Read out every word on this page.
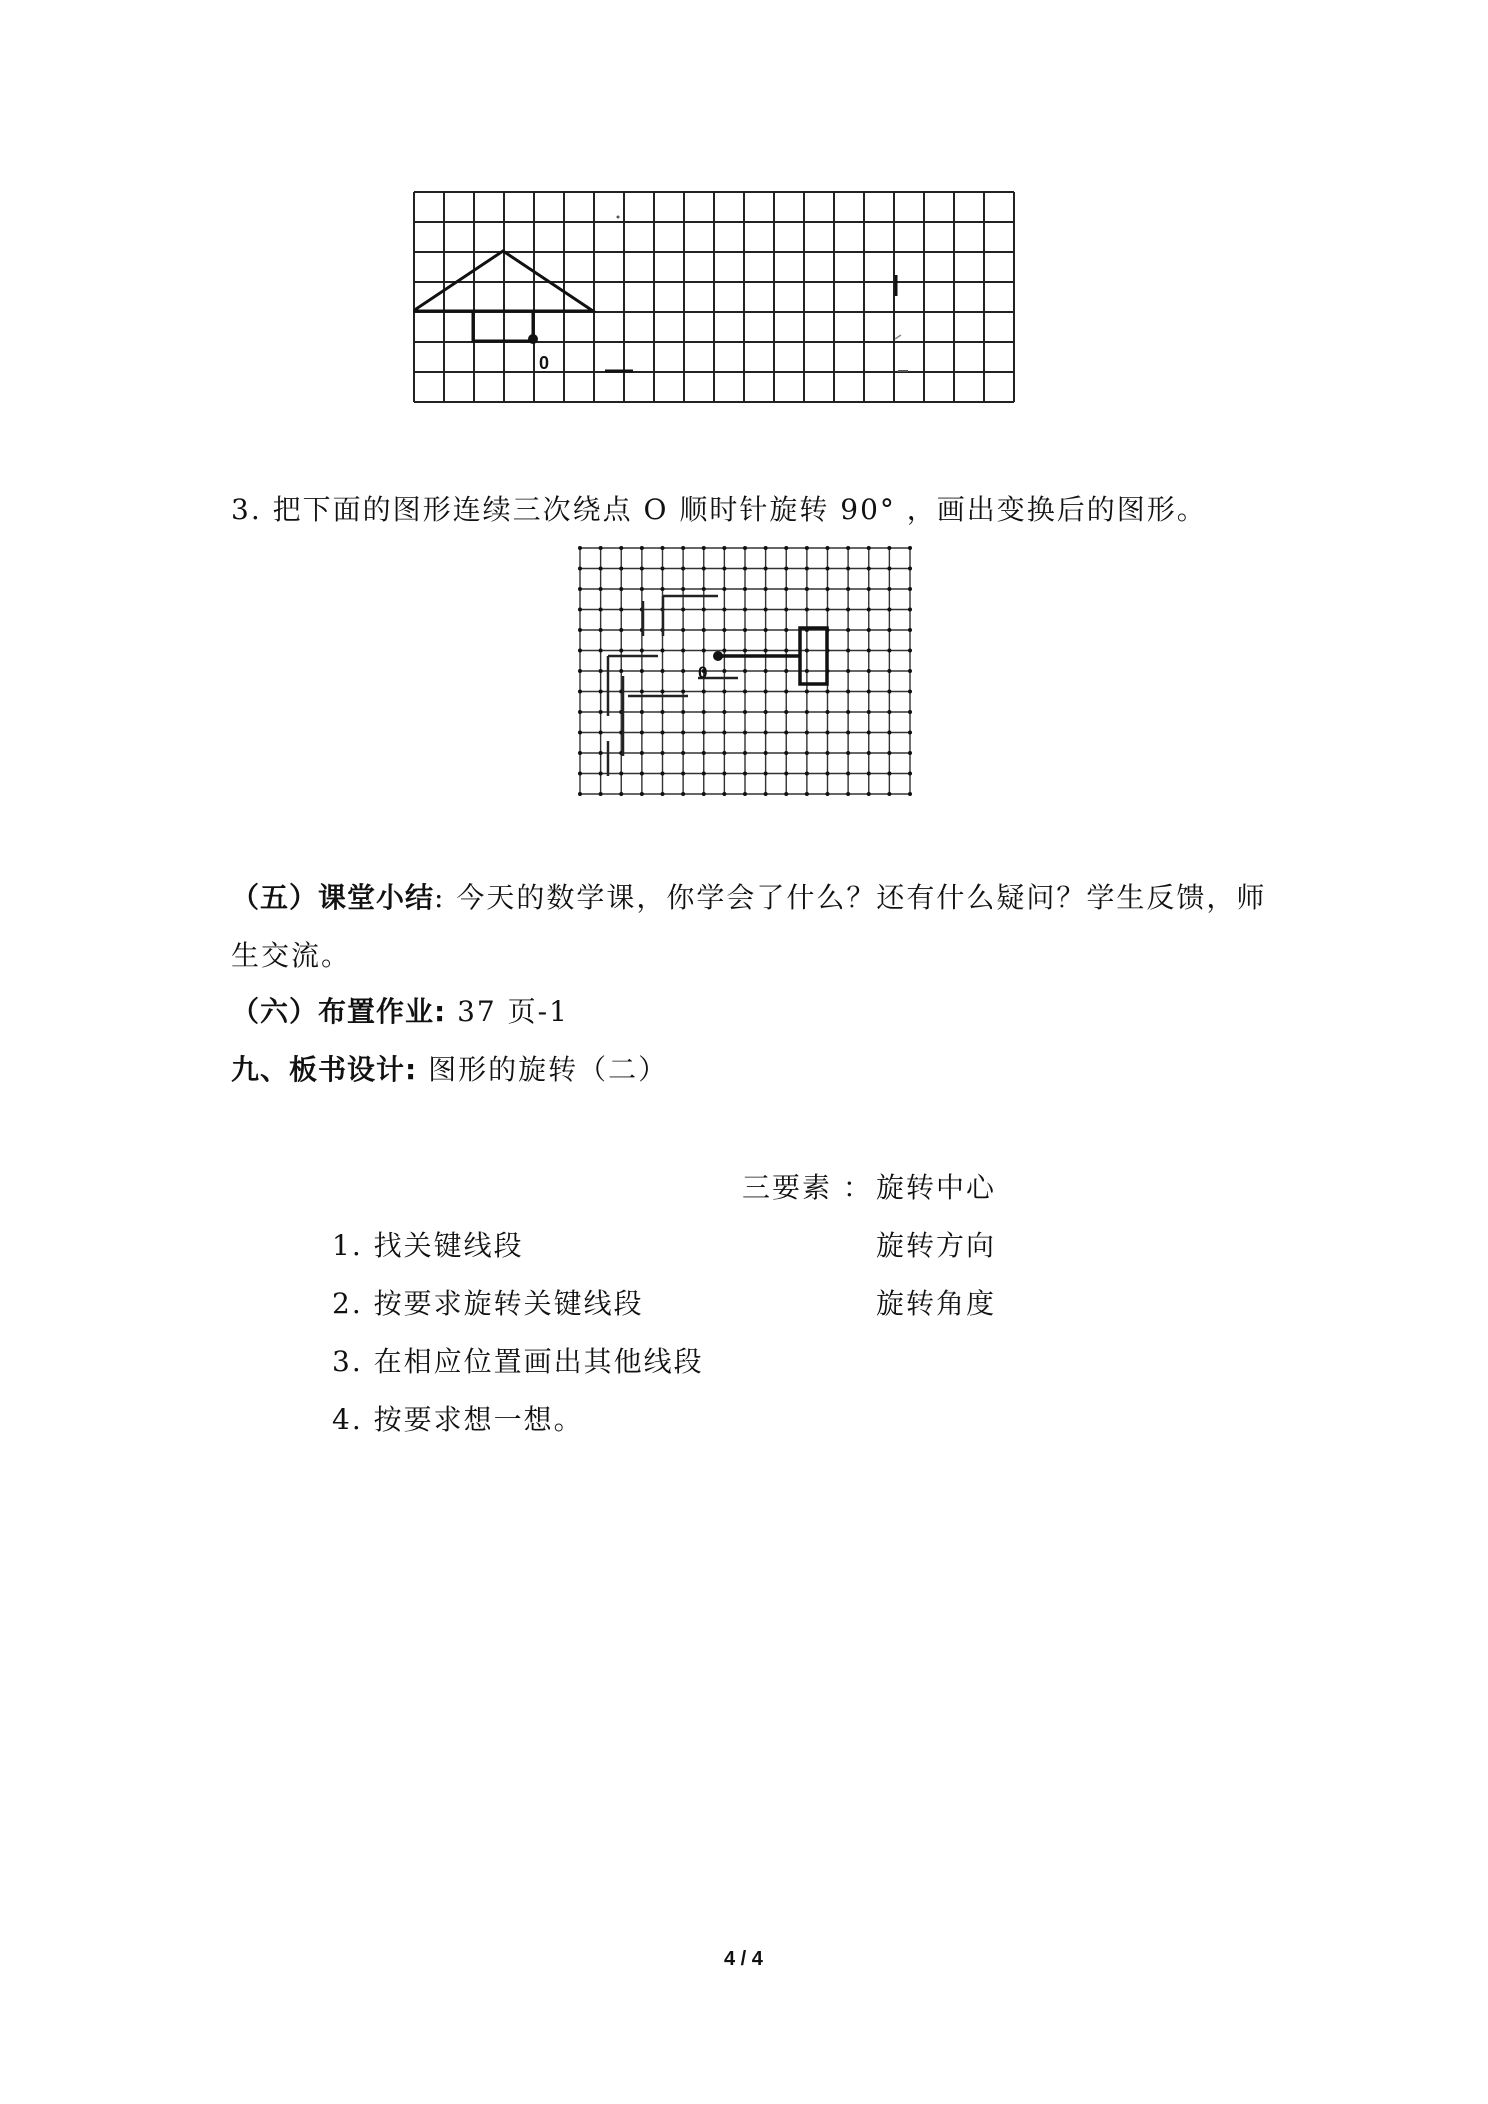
0
3. 把下面的图形连续三次绕点 O 顺时针旋转 90° ，画出变换后的图形。
0
（五）课堂小结: 今天的数学课，你学会了什么？还有什么疑问？学生反馈，师
生交流。
（六）布置作业: 37 页-1
九、板书设计: 图形的旋转（二）
三要素 ： 旋转中心
旋转方向
旋转角度
1. 找关键线段
2. 按要求旋转关键线段
3. 在相应位置画出其他线段
4. 按要求想一想。
4 / 4
